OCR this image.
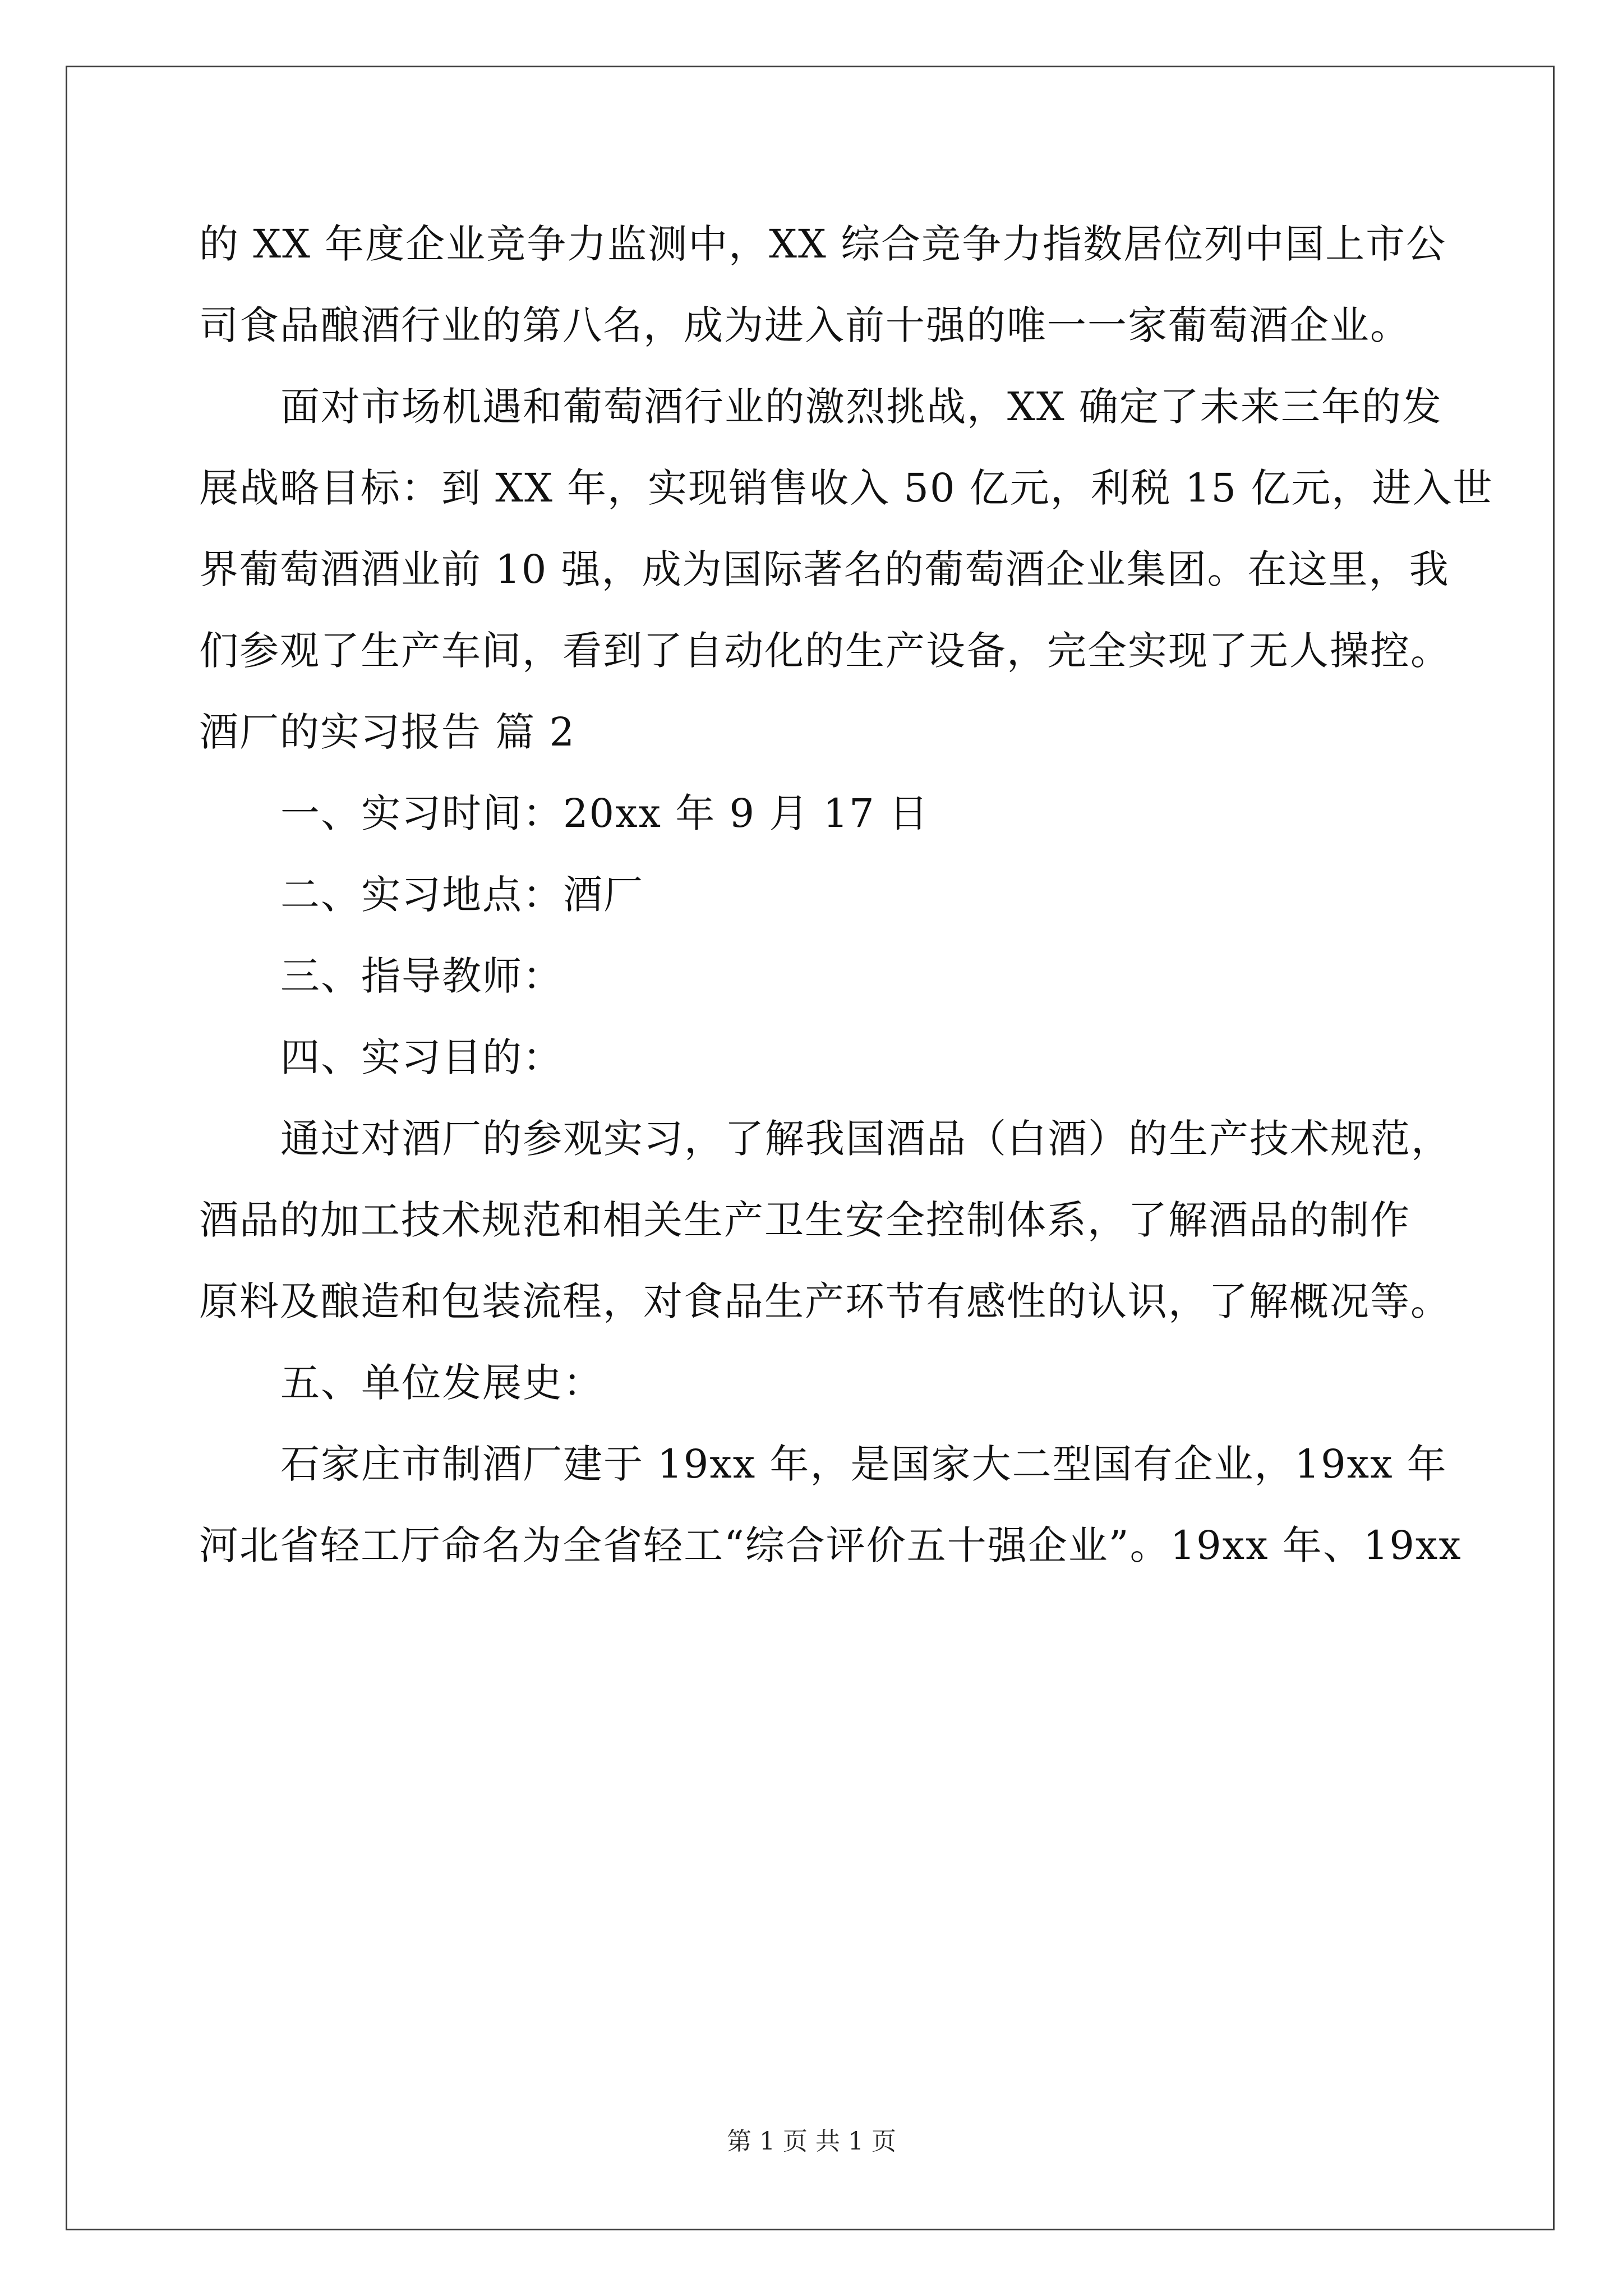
的 XX 年度企业竞争力监测中，XX 综合竞争力指数居位列中国上市公
司食品酿酒行业的第八名，成为进入前十强的唯一一家葡萄酒企业。
面对市场机遇和葡萄酒行业的激烈挑战，XX 确定了未来三年的发
展战略目标：到 XX 年，实现销售收入 50 亿元，利税 15 亿元，进入世
界葡萄酒酒业前 10 强，成为国际著名的葡萄酒企业集团。在这里，我
们参观了生产车间，看到了自动化的生产设备，完全实现了无人操控。
酒厂的实习报告 篇 2
一、实习时间：20xx 年 9 月 17 日
二、实习地点：酒厂
三、指导教师：
四、实习目的：
通过对酒厂的参观实习，了解我国酒品（白酒）的生产技术规范，
酒品的加工技术规范和相关生产卫生安全控制体系，了解酒品的制作
原料及酿造和包装流程，对食品生产环节有感性的认识，了解概况等。
五、单位发展史：
石家庄市制酒厂建于 19xx 年，是国家大二型国有企业，19xx 年
河北省轻工厅命名为全省轻工“综合评价五十强企业”。19xx 年、19xx
第 1 页 共 1 页
